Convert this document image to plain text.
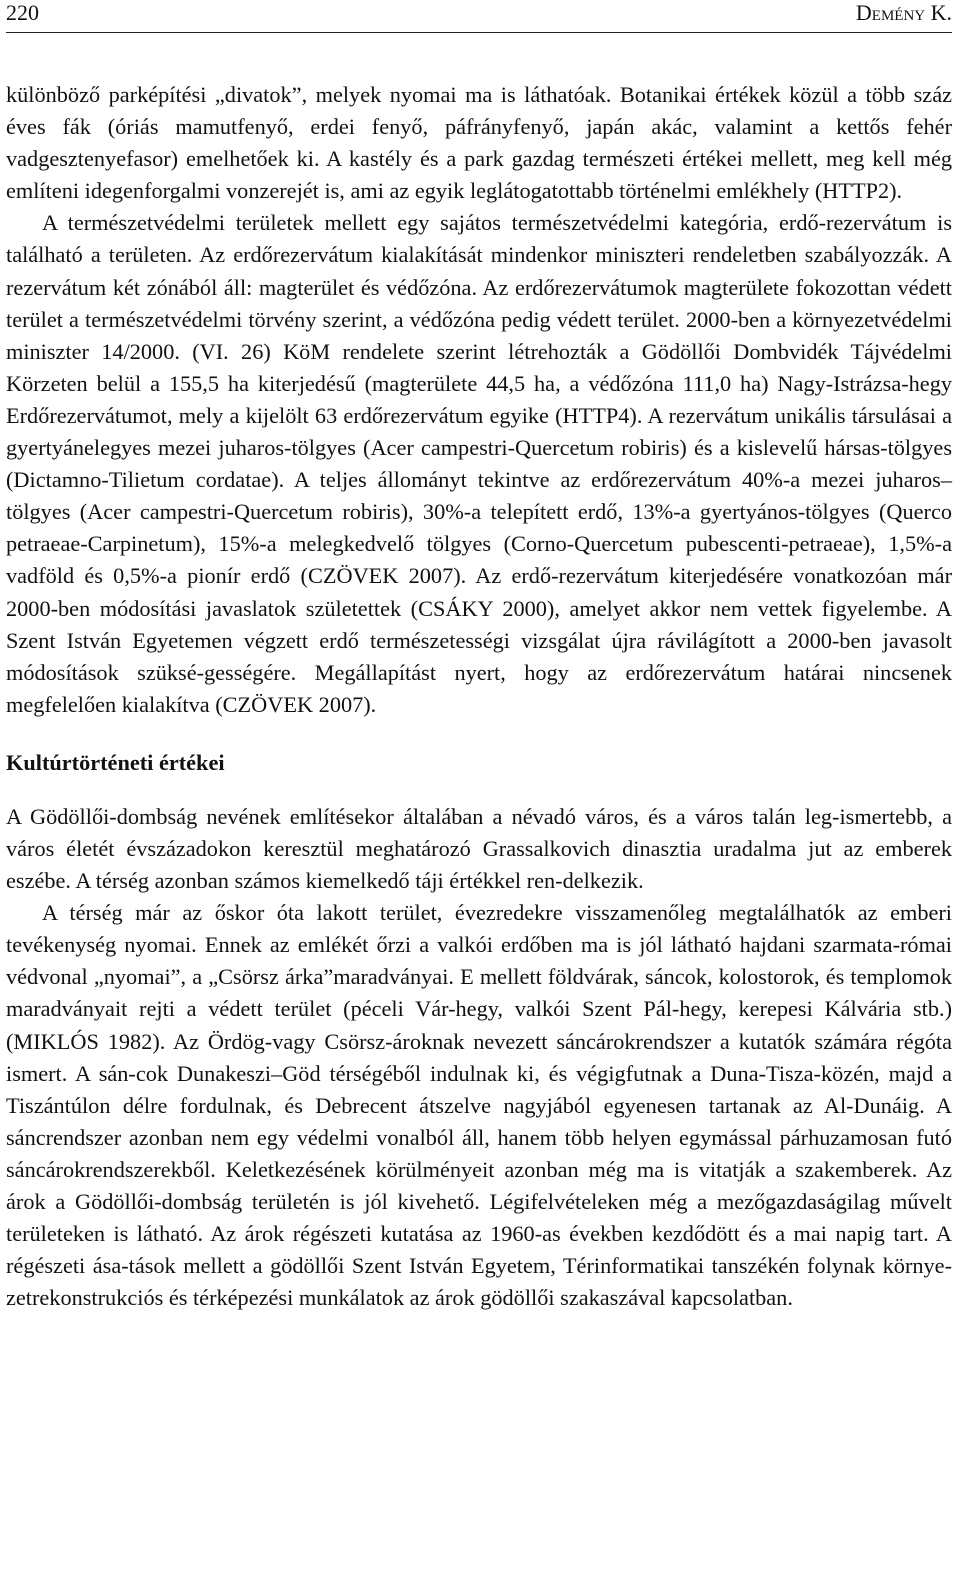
220	Demény K.

különböző parképítési „divatok”, melyek nyomai ma is láthatóak. Botanikai értékek közül a több száz éves fák (óriás mamutfenyő, erdei fenyő, páfrányfenyő, japán akác, valamint a kettős fehér vadgesztenyefasor) emelhetőek ki. A kastély és a park gazdag természeti értékei mellett, meg kell még említeni idegenforgalmi vonzerejét is, ami az egyik leglátogatottabb történelmi emlékhely (HTTP2).

A természetvédelmi területek mellett egy sajátos természetvédelmi kategória, erdő-rezervátum is található a területen. Az erdőrezervátum kialakítását mindenkor miniszteri rendeletben szabályozzák. A rezervátum két zónából áll: magterület és védőzóna. Az erdőrezervátumok magterülete fokozottan védett terület a természetvédelmi törvény szerint, a védőzóna pedig védett terület. 2000-ben a környezetvédelmi miniszter 14/2000. (VI. 26) KöM rendelete szerint létrehozták a Gödöllői Dombvidék Tájvédelmi Körzeten belül a 155,5 ha kiterjedésű (magterülete 44,5 ha, a védőzóna 111,0 ha) Nagy-Istrázsa-hegy Erdőrezervátumot, mely a kijelölt 63 erdőrezervátum egyike (HTTP4). A rezervátum unikális társulásai a gyertyánelegyes mezei juharos-tölgyes (Acer campestri-Quercetum robiris) és a kislevelű hársas-tölgyes (Dictamno-Tilietum cordatae). A teljes állományt tekintve az erdőrezervátum 40%-a mezei juharos–tölgyes (Acer campestri-Quercetum robiris), 30%-a telepített erdő, 13%-a gyertyános-tölgyes (Querco petraeae-Carpinetum), 15%-a melegkedvelő tölgyes (Corno-Quercetum pubescenti-petraeae), 1,5%-a vadföld és 0,5%-a pionír erdő (CZÖVEK 2007). Az erdő-rezervátum kiterjedésére vonatkozóan már 2000-ben módosítási javaslatok születettek (CSÁKY 2000), amelyet akkor nem vettek figyelembe. A Szent István Egyetemen végzett erdő természetességi vizsgálat újra rávilágított a 2000-ben javasolt módosítások szüksé-gességére. Megállapítást nyert, hogy az erdőrezervátum határai nincsenek megfelelően kialakítva (CZÖVEK 2007).

Kultúrtörténeti értékei

A Gödöllői-dombság nevének említésekor általában a névadó város, és a város talán leg-ismertebb, a város életét évszázadokon keresztül meghatározó Grassalkovich dinasztia uradalma jut az emberek eszébe. A térség azonban számos kiemelkedő táji értékkel ren-delkezik.

A térség már az őskor óta lakott terület, évezredekre visszamenőleg megtalálhatók az emberi tevékenység nyomai. Ennek az emlékét őrzi a valkói erdőben ma is jól látható hajdani szarmata-római védvonal „nyomai”, a „Csörsz árka”maradványai. E mellett földvárak, sáncok, kolostorok, és templomok maradványait rejti a védett terület (péceli Vár-hegy, valkói Szent Pál-hegy, kerepesi Kálvária stb.) (MIKLÓS 1982). Az Ördög-vagy Csörsz-ároknak nevezett sáncárokrendszer a kutatók számára régóta ismert. A sán-cok Dunakeszi–Göd térségéből indulnak ki, és végigfutnak a Duna-Tisza-közén, majd a Tiszántúlon délre fordulnak, és Debrecent átszelve nagyjából egyenesen tartanak az Al-Dunáig. A sáncrendszer azonban nem egy védelmi vonalból áll, hanem több helyen egymással párhuzamosan futó sáncárokrendszerekből. Keletkezésének körülményeit azonban még ma is vitatják a szakemberek. Az árok a Gödöllői-dombság területén is jól kivehető. Légifelvételeken még a mezőgazdaságilag művelt területeken is látható. Az árok régészeti kutatása az 1960-as években kezdődött és a mai napig tart. A régészeti ása-tások mellett a gödöllői Szent István Egyetem, Térinformatikai tanszékén folynak környe-zetrekonstrukciós és térképezési munkálatok az árok gödöllői szakaszával kapcsolatban.
